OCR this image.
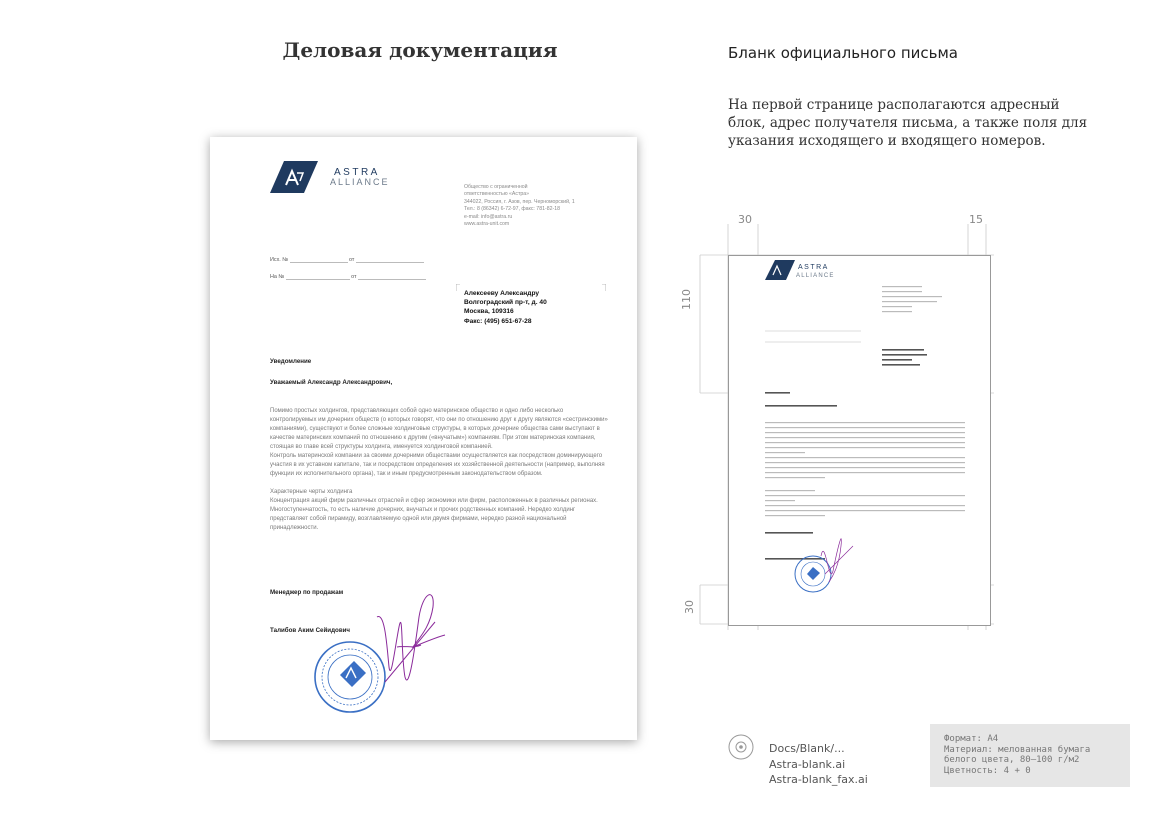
Деловая документация	Бланк официального письма
На первой странице располагаются адресный блок, адрес получателя письма, а также поля для указания исходящего и входящего номеров.
ASTRA
ALLIANCE	Общество с ограниченной
ответственностью «Астра»
344022, Россия, г. Азов, пер. Черноморский, 1
Тел.: 8 (86342) 6-72-97, факс: 781-82-18
e-mail: info@astra.ru
www.astra-unit.com
Исх. №	от
На №	от
Алексееву Александру
Волгоградский пр-т, д. 40
Москва, 109316
Факс: (495) 651-67-28
Уведомление
Уважаемый Александр Александрович,
Помимо простых холдингов, представляющих собой одно материнское общество и одно либо несколько контролируемых им дочерних обществ (о которых говорят, что они по отношению друг к другу являются «сестринскими» компаниями), существуют и более сложные холдинговые структуры, в которых дочерние общества сами выступают в качестве материнских компаний по отношению к другим («внучатым») компаниям. При этом материнская компания, стоящая во главе всей структуры холдинга, именуется холдинговой компанией.
Контроль материнской компании за своими дочерними обществами осуществляется как посредством доминирующего участия в их уставном капитале, так и посредством определения их хозяйственной деятельности (например, выполняя функции их исполнительного органа), так и иным предусмотренным законодательством образом.
Характерные черты холдинга
Концентрация акций фирм различных отраслей и сфер экономики или фирм, расположенных в различных регионах.
Многоступенчатость, то есть наличие дочерних, внучатых и прочих родственных компаний. Нередко холдинг представляет собой пирамиду, возглавляемую одной или двумя фирмами, нередко разной национальной принадлежности.
Менеджер по продажам
Талибов Аким Сейидович
30	15
110
30
ASTRA
ALLIANCE
Docs/Blank/...
Astra-blank.ai
Astra-blank_fax.ai
Формат: А4
Материал: мелованная бумага
белого цвета, 80–100 г/м2
Цветность: 4 + 0
